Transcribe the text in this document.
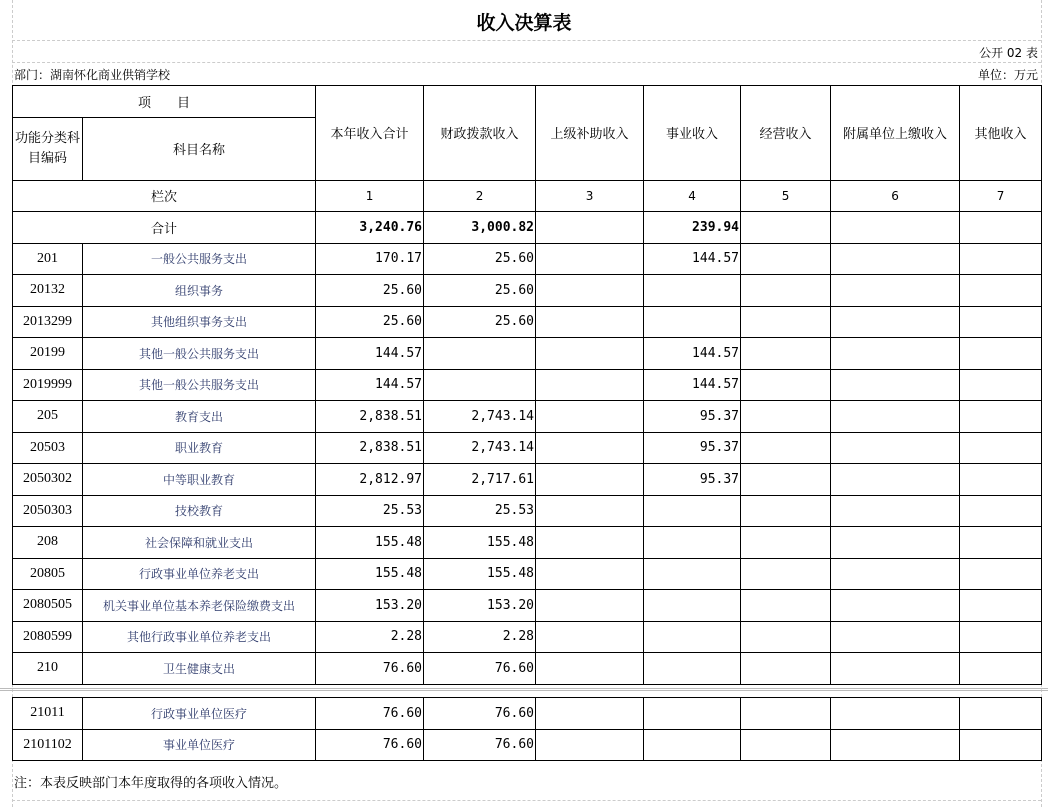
收入决算表
公开 02 表
部门：湖南怀化商业供销学校	单位：万元
项　　目	本年收入合计	财政拨款收入	上级补助收入	事业收入	经营收入	附属单位上缴收入	其他收入
功能分类科目编码	科目名称
栏次	1	2	3	4	5	6	7
合计	3,240.76	3,000.82		239.94			
201	一般公共服务支出	170.17	25.60		144.57			
20132	组织事务	25.60	25.60					
2013299	其他组织事务支出	25.60	25.60					
20199	其他一般公共服务支出	144.57			144.57			
2019999	其他一般公共服务支出	144.57			144.57			
205	教育支出	2,838.51	2,743.14		95.37			
20503	职业教育	2,838.51	2,743.14		95.37			
2050302	中等职业教育	2,812.97	2,717.61		95.37			
2050303	技校教育	25.53	25.53					
208	社会保障和就业支出	155.48	155.48					
20805	行政事业单位养老支出	155.48	155.48					
2080505	机关事业单位基本养老保险缴费支出	153.20	153.20					
2080599	其他行政事业单位养老支出	2.28	2.28					
210	卫生健康支出	76.60	76.60					
21011	行政事业单位医疗	76.60	76.60					
2101102	事业单位医疗	76.60	76.60					
注：本表反映部门本年度取得的各项收入情况。
